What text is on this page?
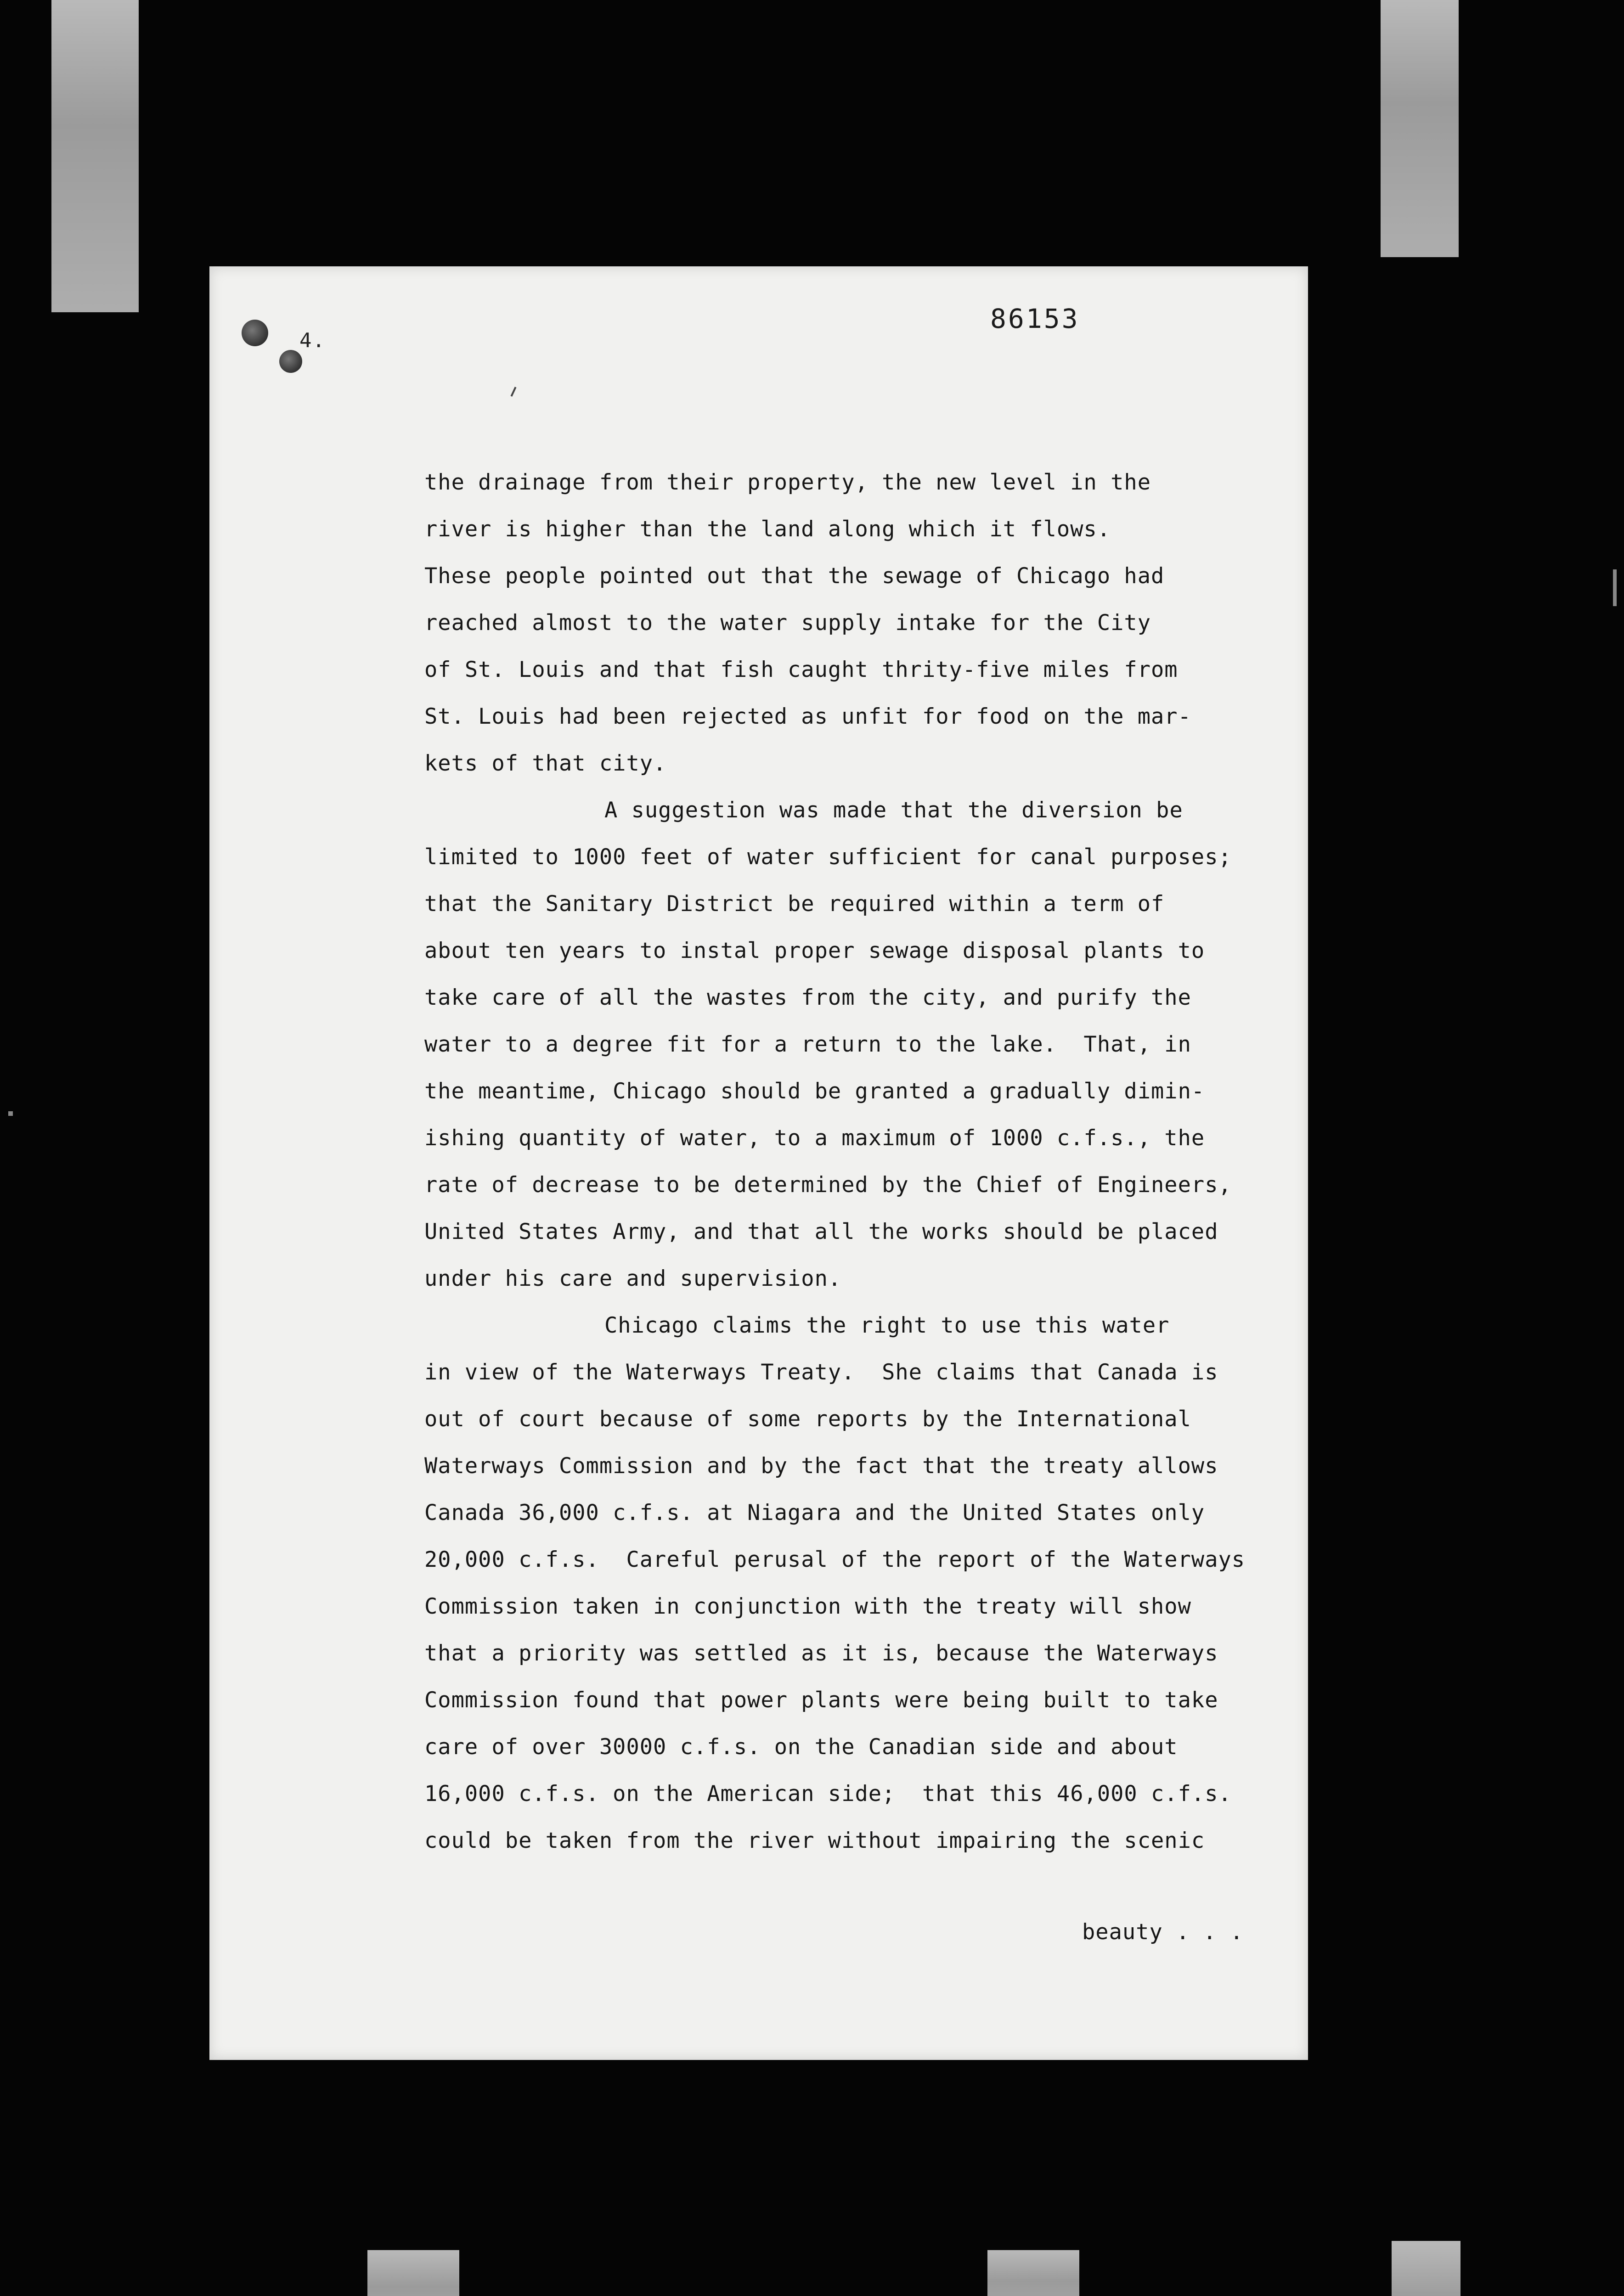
4.
86153
the drainage from their property, the new level in the
river is higher than the land along which it flows.
These people pointed out that the sewage of Chicago had
reached almost to the water supply intake for the City
of St. Louis and that fish caught thrity-five miles from
St. Louis had been rejected as unfit for food on the mar-
kets of that city.
A suggestion was made that the diversion be
limited to 1000 feet of water sufficient for canal purposes;
that the Sanitary District be required within a term of
about ten years to instal proper sewage disposal plants to
take care of all the wastes from the city, and purify the
water to a degree fit for a return to the lake.  That, in
the meantime, Chicago should be granted a gradually dimin-
ishing quantity of water, to a maximum of 1000 c.f.s., the
rate of decrease to be determined by the Chief of Engineers,
United States Army, and that all the works should be placed
under his care and supervision.
Chicago claims the right to use this water
in view of the Waterways Treaty.  She claims that Canada is
out of court because of some reports by the International
Waterways Commission and by the fact that the treaty allows
Canada 36,000 c.f.s. at Niagara and the United States only
20,000 c.f.s.  Careful perusal of the report of the Waterways
Commission taken in conjunction with the treaty will show
that a priority was settled as it is, because the Waterways
Commission found that power plants were being built to take
care of over 30000 c.f.s. on the Canadian side and about
16,000 c.f.s. on the American side;  that this 46,000 c.f.s.
could be taken from the river without impairing the scenic
beauty . . .
